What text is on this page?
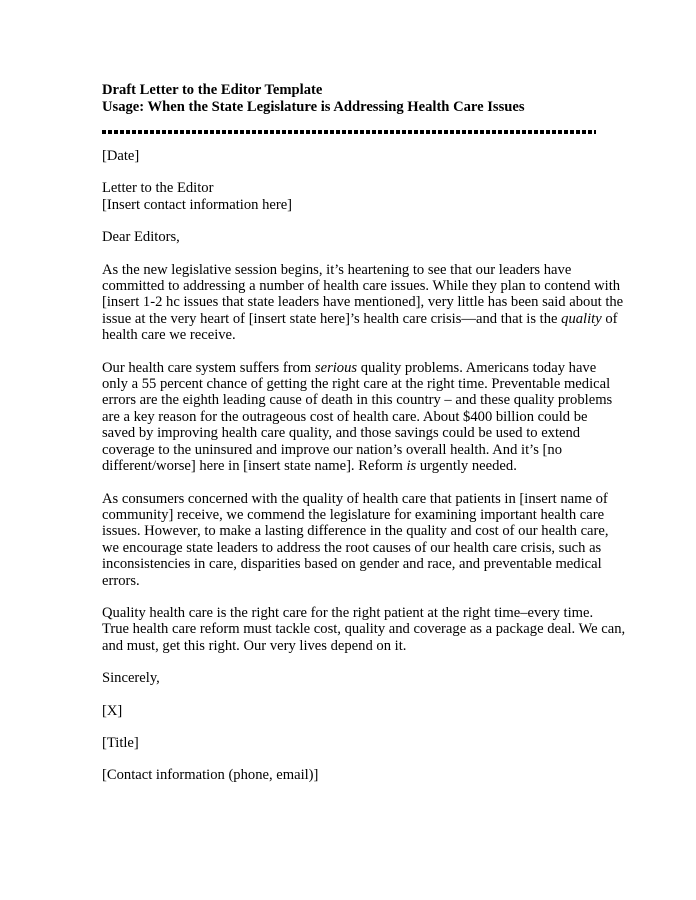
Draft Letter to the Editor Template

Usage: When the State Legislature is Addressing Health Care Issues

[Date]

Letter to the Editor
[Insert contact information here]

Dear Editors,

As the new legislative session begins, it’s heartening to see that our leaders have
committed to addressing a number of health care issues. While they plan to contend with
[insert 1-2 hc issues that state leaders have mentioned], very little has been said about the
issue at the very heart of [insert state here]’s health care crisis—and that is the quality of
health care we receive.

Our health care system suffers from serious quality problems. Americans today have
only a 55 percent chance of getting the right care at the right time. Preventable medical
errors are the eighth leading cause of death in this country – and these quality problems
are a key reason for the outrageous cost of health care. About $400 billion could be
saved by improving health care quality, and those savings could be used to extend
coverage to the uninsured and improve our nation’s overall health. And it’s [no
different/worse] here in [insert state name]. Reform is urgently needed.

As consumers concerned with the quality of health care that patients in [insert name of
community] receive, we commend the legislature for examining important health care
issues. However, to make a lasting difference in the quality and cost of our health care,
we encourage state leaders to address the root causes of our health care crisis, such as
inconsistencies in care, disparities based on gender and race, and preventable medical
errors.

Quality health care is the right care for the right patient at the right time–every time.
True health care reform must tackle cost, quality and coverage as a package deal. We can,
and must, get this right. Our very lives depend on it.

Sincerely,

[X]

[Title]

[Contact information (phone, email)]
